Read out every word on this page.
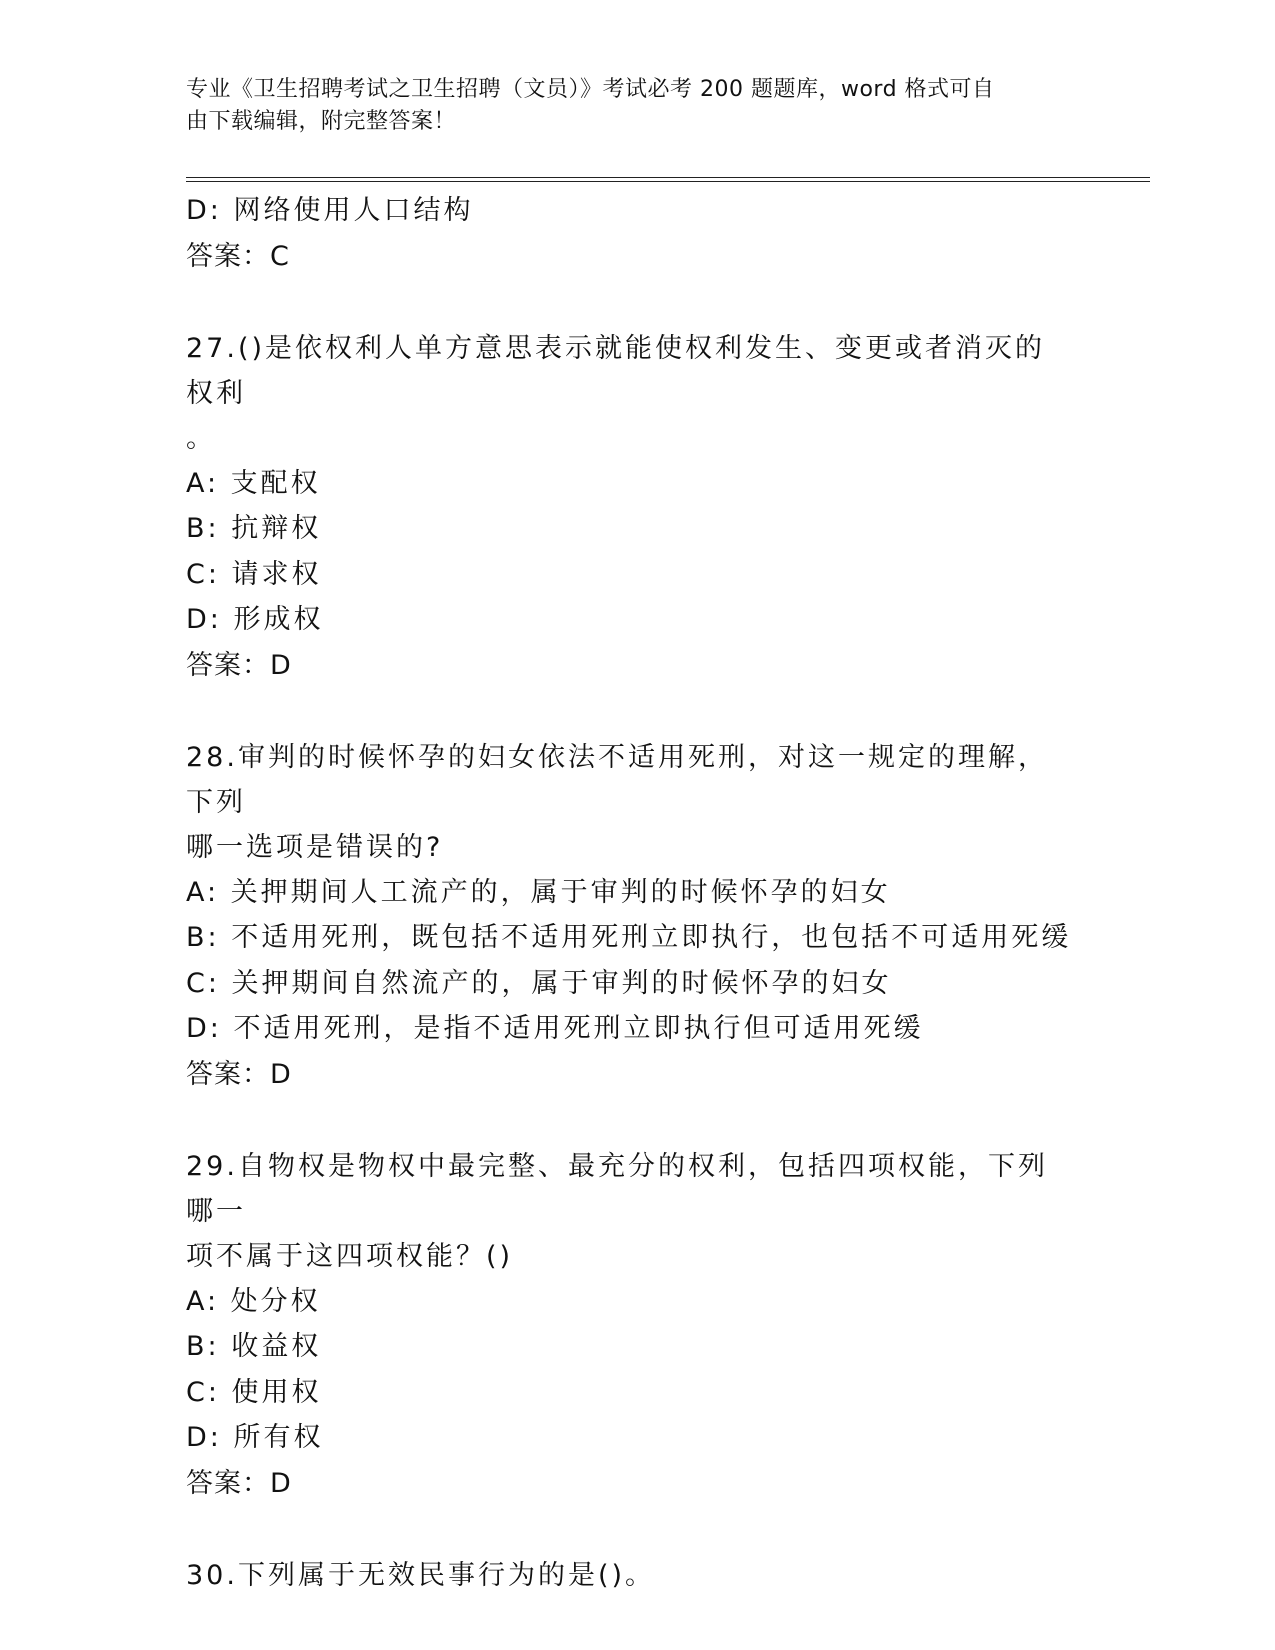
专业《卫生招聘考试之卫生招聘（文员）》考试必考 200 题题库，word 格式可自
由下载编辑，附完整答案！
D: 网络使用人口结构
答案：C
27.()是依权利人单方意思表示就能使权利发生、变更或者消灭的权利
。
A: 支配权
B: 抗辩权
C: 请求权
D: 形成权
答案：D
28.审判的时候怀孕的妇女依法不适用死刑，对这一规定的理解，下列
哪一选项是错误的?
A: 关押期间人工流产的，属于审判的时候怀孕的妇女
B: 不适用死刑，既包括不适用死刑立即执行，也包括不可适用死缓
C: 关押期间自然流产的，属于审判的时候怀孕的妇女
D: 不适用死刑，是指不适用死刑立即执行但可适用死缓
答案：D
29.自物权是物权中最完整、最充分的权利，包括四项权能，下列哪一
项不属于这四项权能？()
A: 处分权
B: 收益权
C: 使用权
D: 所有权
答案：D
30.下列属于无效民事行为的是()。
